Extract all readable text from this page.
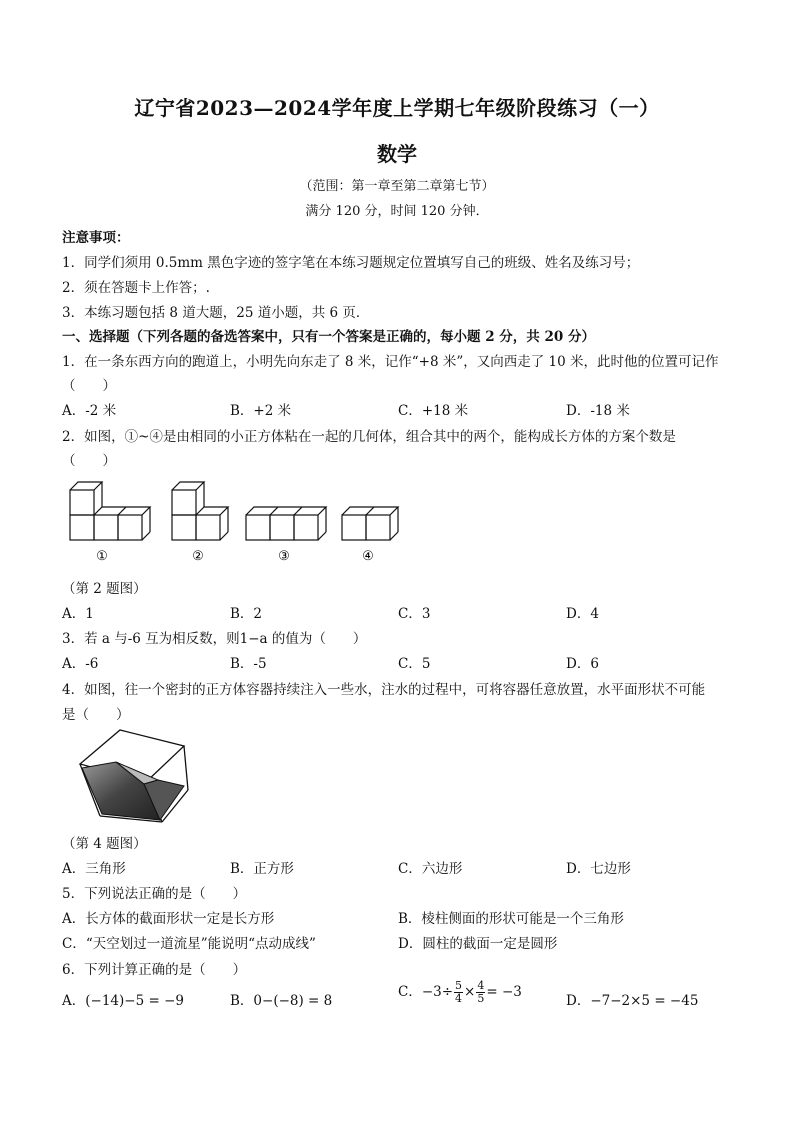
辽宁省2023—2024学年度上学期七年级阶段练习（一）
数学
（范围：第一章至第二章第七节）
满分 120 分，时间 120 分钟．
注意事项：
1．同学们须用 0.5mm 黑色字迹的签字笔在本练习题规定位置填写自己的班级、姓名及练习号；
2．须在答题卡上作答；.
3．本练习题包括 8 道大题，25 道小题，共 6 页．
一、选择题（下列各题的备选答案中，只有一个答案是正确的，每小题 2 分，共 20 分）
1．在一条东西方向的跑道上，小明先向东走了 8 米，记作“+8 米”，又向西走了 10 米，此时他的位置可记作
（　　）
A．-2 米	B．+2 米	C．+18 米	D．-18 米
2．如图，①~④是由相同的小正方体粘在一起的几何体，组合其中的两个，能构成长方体的方案个数是
（　　）
①	②	③	④
（第 2 题图）
A．1	B．2	C．3	D．4
3．若 a 与-6 互为相反数，则1−a 的值为（　　）
A．-6	B．-5	C．5	D．6
4．如图，往一个密封的正方体容器持续注入一些水，注水的过程中，可将容器任意放置，水平面形状不可能
是（　　）
（第 4 题图）
A．三角形	B．正方形	C．六边形	D．七边形
5．下列说法正确的是（　　）
A．长方体的截面形状一定是长方形	B．棱柱侧面的形状可能是一个三角形
C．“天空划过一道流星”能说明“点动成线”	D．圆柱的截面一定是圆形
6．下列计算正确的是（　　）
A．(−14)−5 = −9	B．0−(−8) = 8
C．$-3\div \frac{5}{4} \times \frac{4}{5} = -3$
D．−7−2×5 = −45
